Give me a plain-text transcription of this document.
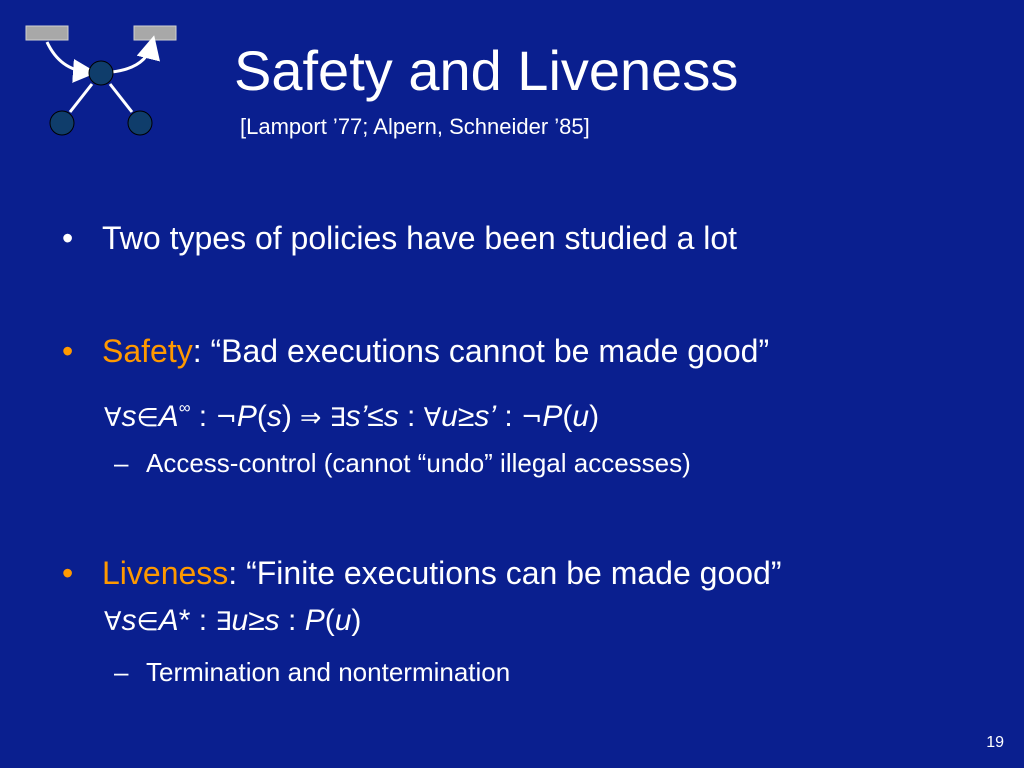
Safety and Liveness
[Lamport ’77; Alpern, Schneider ’85]
• Two types of policies have been studied a lot
• Safety: “Bad executions cannot be made good”
∀s∈A∞ : ¬P(s) ⇒ ∃s’≤s : ∀u≥s’ : ¬P(u)
– Access-control (cannot “undo” illegal accesses)
• Liveness: “Finite executions can be made good”
∀s∈A* : ∃u≥s : P(u)
– Termination and nontermination
19
